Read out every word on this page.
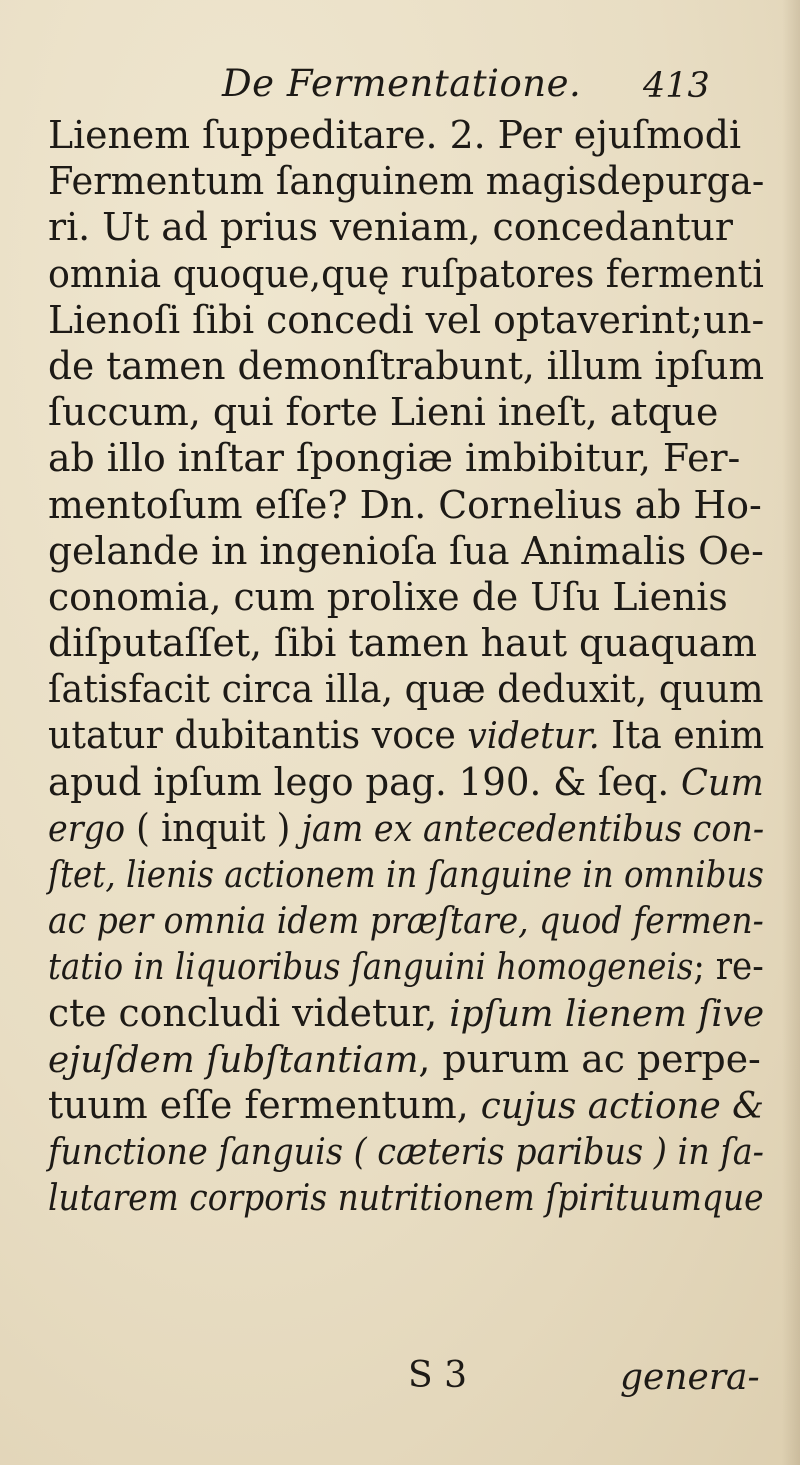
De Fermentatione. 413
Lienem ſuppeditare. 2. Per ejuſmodi
Fermentum ſanguinem magisdepurga-
ri. Ut ad prius veniam, concedantur
omnia quoque,quę ruſpatores fermenti
Lienoſi ſibi concedi vel optaverint;un-
de tamen demonſtrabunt, illum ipſum
ſuccum, qui forte Lieni ineſt, atque
ab illo inſtar ſpongiæ imbibitur, Fer-
mentoſum eſſe? Dn. Cornelius ab Ho-
gelande in ingenioſa ſua Animalis Oe-
conomia, cum prolixe de Uſu Lienis
diſputaſſet, ſibi tamen haut quaquam
ſatisfacit circa illa, quæ deduxit, quum
utatur dubitantis voce videtur. Ita enim
apud ipſum lego pag. 190. & ſeq. Cum
ergo ( inquit ) jam ex antecedentibus con-
ſtet, lienis actionem in ſanguine in omnibus
ac per omnia idem præſtare, quod fermen-
tatio in liquoribus ſanguini homogeneis; re-
cte concludi videtur, ipſum lienem ſive
ejuſdem ſubſtantiam, purum ac perpe-
tuum eſſe fermentum, cujus actione &
functione ſanguis ( cæteris paribus ) in ſa-
lutarem corporis nutritionem ſpirituumque
S 3	genera-
